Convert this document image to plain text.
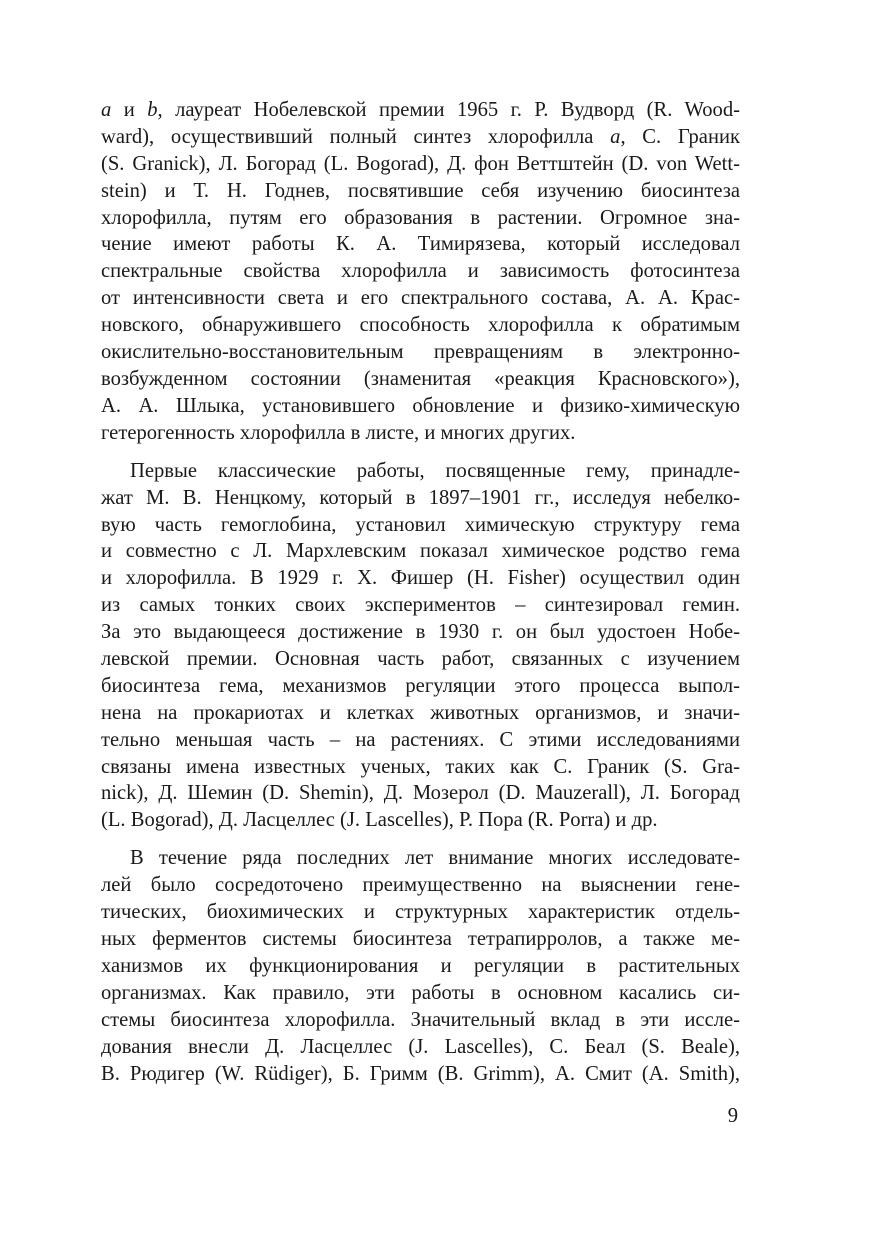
a и b, лауреат Нобелевской премии 1965 г. Р. Вудворд (R. Wood-
ward), осуществивший полный синтез хлорофилла a, С. Граник
(S. Granick), Л. Богорад (L. Bogorad), Д. фон Веттштейн (D. von Wett-
stein) и Т. Н. Годнев, посвятившие себя изучению биосинтеза
хлорофилла, путям его образования в растении. Огромное зна-
чение имеют работы К. А. Тимирязева, который исследовал
спектральные свойства хлорофилла и зависимость фотосинтеза
от интенсивности света и его спектрального состава, А. А. Крас-
новского, обнаружившего способность хлорофилла к обратимым
окислительно-восстановительным превращениям в электронно-
возбужденном состоянии (знаменитая «реакция Красновского»),
А. А. Шлыка, установившего обновление и физико-химическую
гетерогенность хлорофилла в листе, и многих других.
Первые классические работы, посвященные гему, принадле-
жат М. В. Ненцкому, который в 1897–1901 гг., исследуя небелко-
вую часть гемоглобина, установил химическую структуру гема
и совместно с Л. Мархлевским показал химическое родство гема
и хлорофилла. В 1929 г. Х. Фишер (H. Fisher) осуществил один
из самых тонких своих экспериментов – синтезировал гемин.
За это выдающееся достижение в 1930 г. он был удостоен Нобе-
левской премии. Основная часть работ, связанных с изучением
биосинтеза гема, механизмов регуляции этого процесса выпол-
нена на прокариотах и клетках животных организмов, и значи-
тельно меньшая часть – на растениях. С этими исследованиями
связаны имена известных ученых, таких как С. Граник (S. Gra-
nick), Д. Шемин (D. Shemin), Д. Мозерол (D. Mauzerall), Л. Богорад
(L. Bogorad), Д. Ласцеллес (J. Lascelles), Р. Пора (R. Porra) и др.
В течение ряда последних лет внимание многих исследовате-
лей было сосредоточено преимущественно на выяснении гене-
тических, биохимических и структурных характеристик отдель-
ных ферментов системы биосинтеза тетрапирролов, а также ме-
ханизмов их функционирования и регуляции в растительных
организмах. Как правило, эти работы в основном касались си-
стемы биосинтеза хлорофилла. Значительный вклад в эти иссле-
дования внесли Д. Ласцеллес (J. Lascelles), С. Беал (S. Beale),
В. Рюдигер (W. Rüdiger), Б. Гримм (B. Grimm), А. Смит (A. Smith),
9
